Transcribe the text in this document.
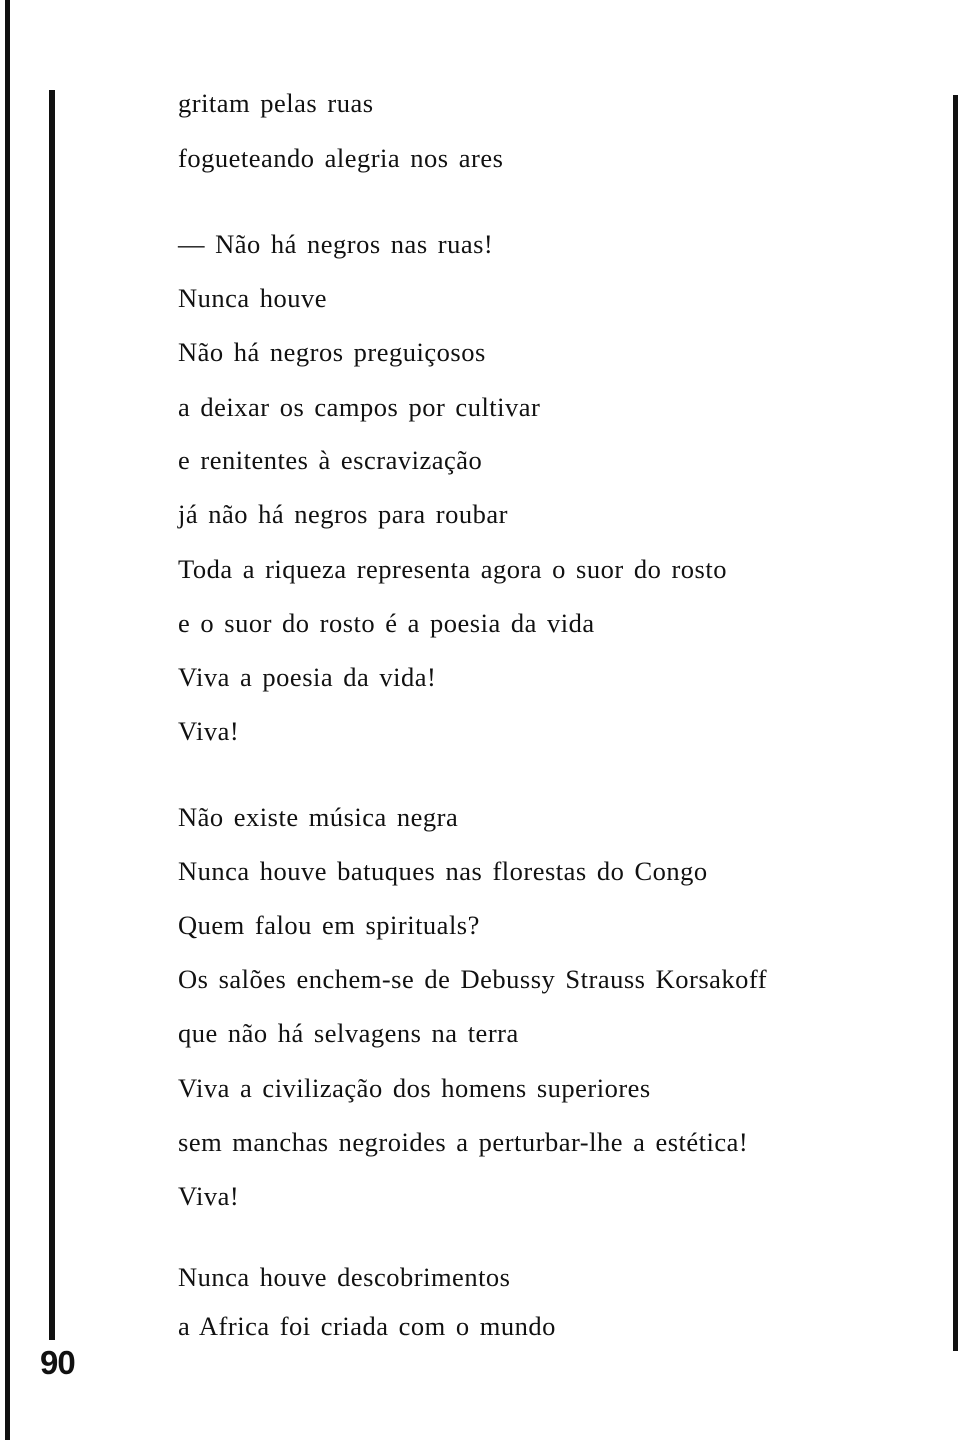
gritam pelas ruas
fogueteando alegria nos ares
— Não há negros nas ruas!
Nunca houve
Não há negros preguiçosos
a deixar os campos por cultivar
e renitentes à escravização
já não há negros para roubar
Toda a riqueza representa agora o suor do rosto
e o suor do rosto é a poesia da vida
Viva a poesia da vida!
Viva!
Não existe música negra
Nunca houve batuques nas florestas do Congo
Quem falou em spirituals?
Os salões enchem-se de Debussy Strauss Korsakoff
que não há selvagens na terra
Viva a civilização dos homens superiores
sem manchas negroides a perturbar-lhe a estética!
Viva!
Nunca houve descobrimentos
a Africa foi criada com o mundo
90
